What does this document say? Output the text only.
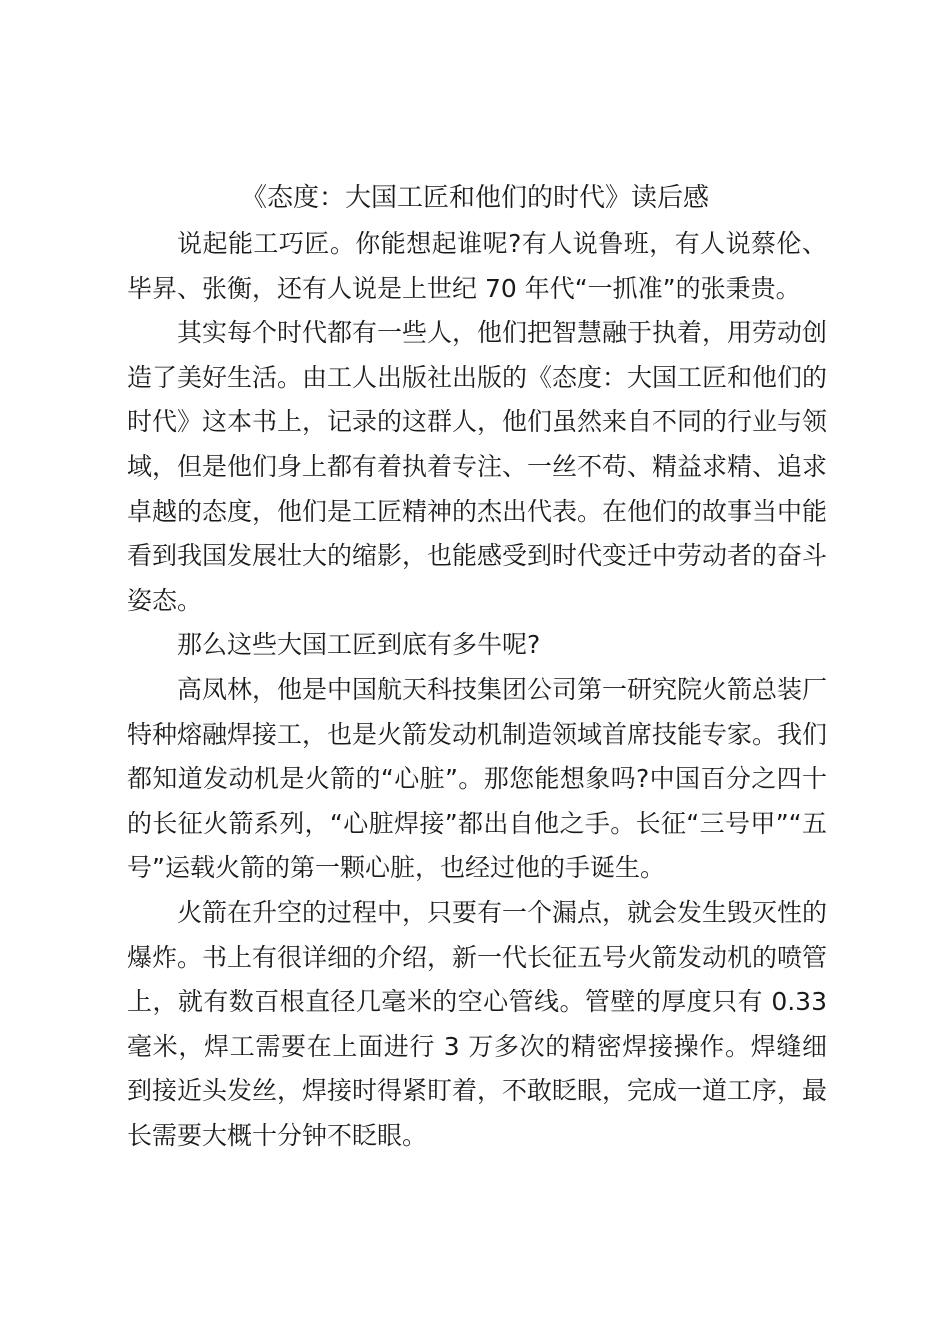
《态度：大国工匠和他们的时代》读后感

说起能工巧匠。你能想起谁呢?有人说鲁班，有人说蔡伦、毕昇、张衡，还有人说是上世纪 70 年代“一抓准”的张秉贵。

其实每个时代都有一些人，他们把智慧融于执着，用劳动创造了美好生活。由工人出版社出版的《态度：大国工匠和他们的时代》这本书上，记录的这群人，他们虽然来自不同的行业与领域，但是他们身上都有着执着专注、一丝不苟、精益求精、追求卓越的态度，他们是工匠精神的杰出代表。在他们的故事当中能看到我国发展壮大的缩影，也能感受到时代变迁中劳动者的奋斗姿态。

那么这些大国工匠到底有多牛呢?

高凤林，他是中国航天科技集团公司第一研究院火箭总装厂特种熔融焊接工，也是火箭发动机制造领域首席技能专家。我们都知道发动机是火箭的“心脏”。那您能想象吗?中国百分之四十的长征火箭系列，“心脏焊接”都出自他之手。长征“三号甲”“五号”运载火箭的第一颗心脏，也经过他的手诞生。

火箭在升空的过程中，只要有一个漏点，就会发生毁灭性的爆炸。书上有很详细的介绍，新一代长征五号火箭发动机的喷管上，就有数百根直径几毫米的空心管线。管壁的厚度只有 0.33 毫米，焊工需要在上面进行 3 万多次的精密焊接操作。焊缝细到接近头发丝，焊接时得紧盯着，不敢眨眼，完成一道工序，最长需要大概十分钟不眨眼。
